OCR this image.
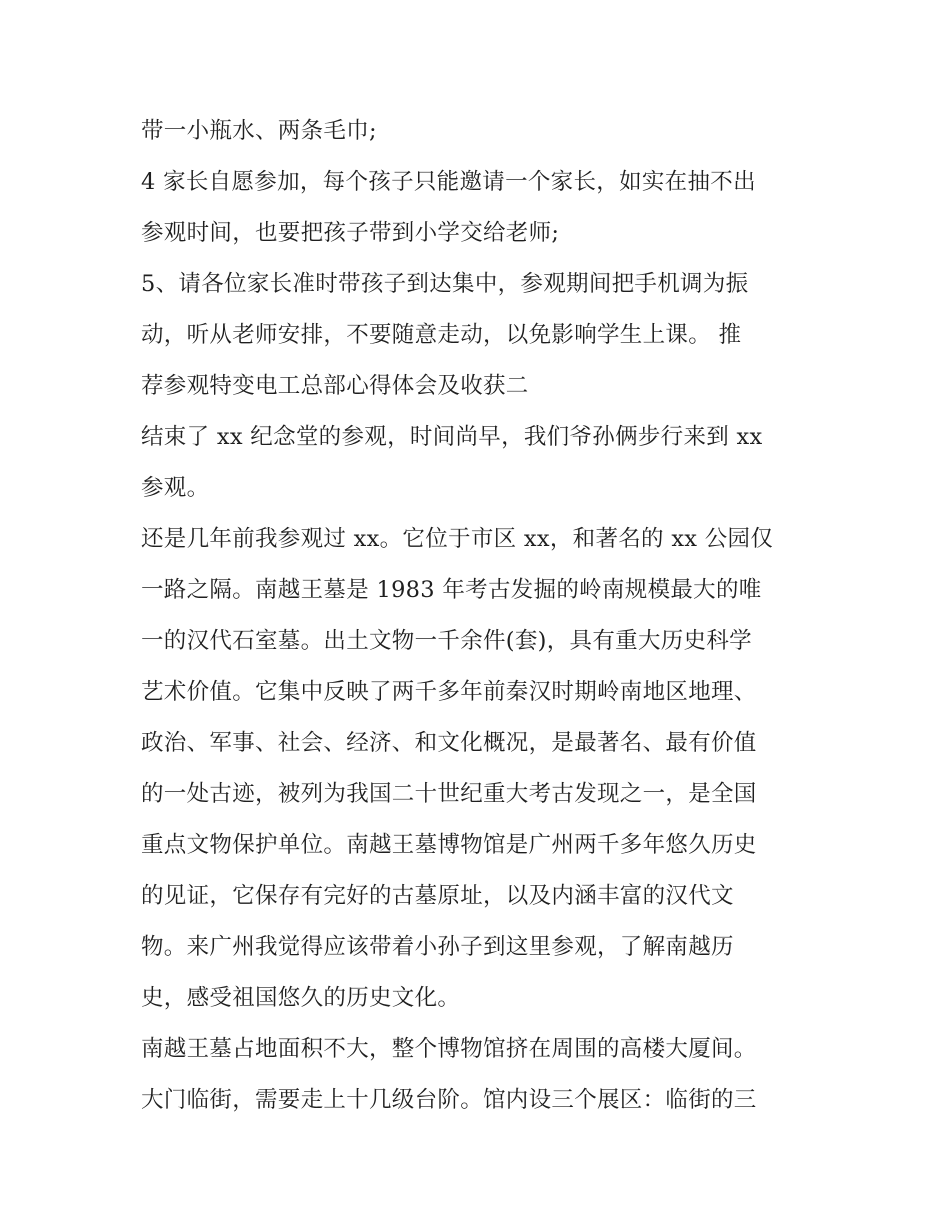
带一小瓶水、两条毛巾;
4 家长自愿参加，每个孩子只能邀请一个家长，如实在抽不出
参观时间，也要把孩子带到小学交给老师;
5、请各位家长准时带孩子到达集中，参观期间把手机调为振
动，听从老师安排，不要随意走动，以免影响学生上课。 推
荐参观特变电工总部心得体会及收获二
结束了 xx 纪念堂的参观，时间尚早，我们爷孙俩步行来到 xx
参观。
还是几年前我参观过 xx。它位于市区 xx，和著名的 xx 公园仅
一路之隔。南越王墓是 1983 年考古发掘的岭南规模最大的唯
一的汉代石室墓。出土文物一千余件(套)，具有重大历史科学
艺术价值。它集中反映了两千多年前秦汉时期岭南地区地理、
政治、军事、社会、经济、和文化概况，是最著名、最有价值
的一处古迹，被列为我国二十世纪重大考古发现之一，是全国
重点文物保护单位。南越王墓博物馆是广州两千多年悠久历史
的见证，它保存有完好的古墓原址，以及内涵丰富的汉代文
物。来广州我觉得应该带着小孙子到这里参观，了解南越历
史，感受祖国悠久的历史文化。
南越王墓占地面积不大，整个博物馆挤在周围的高楼大厦间。
大门临街，需要走上十几级台阶。馆内设三个展区：临街的三
